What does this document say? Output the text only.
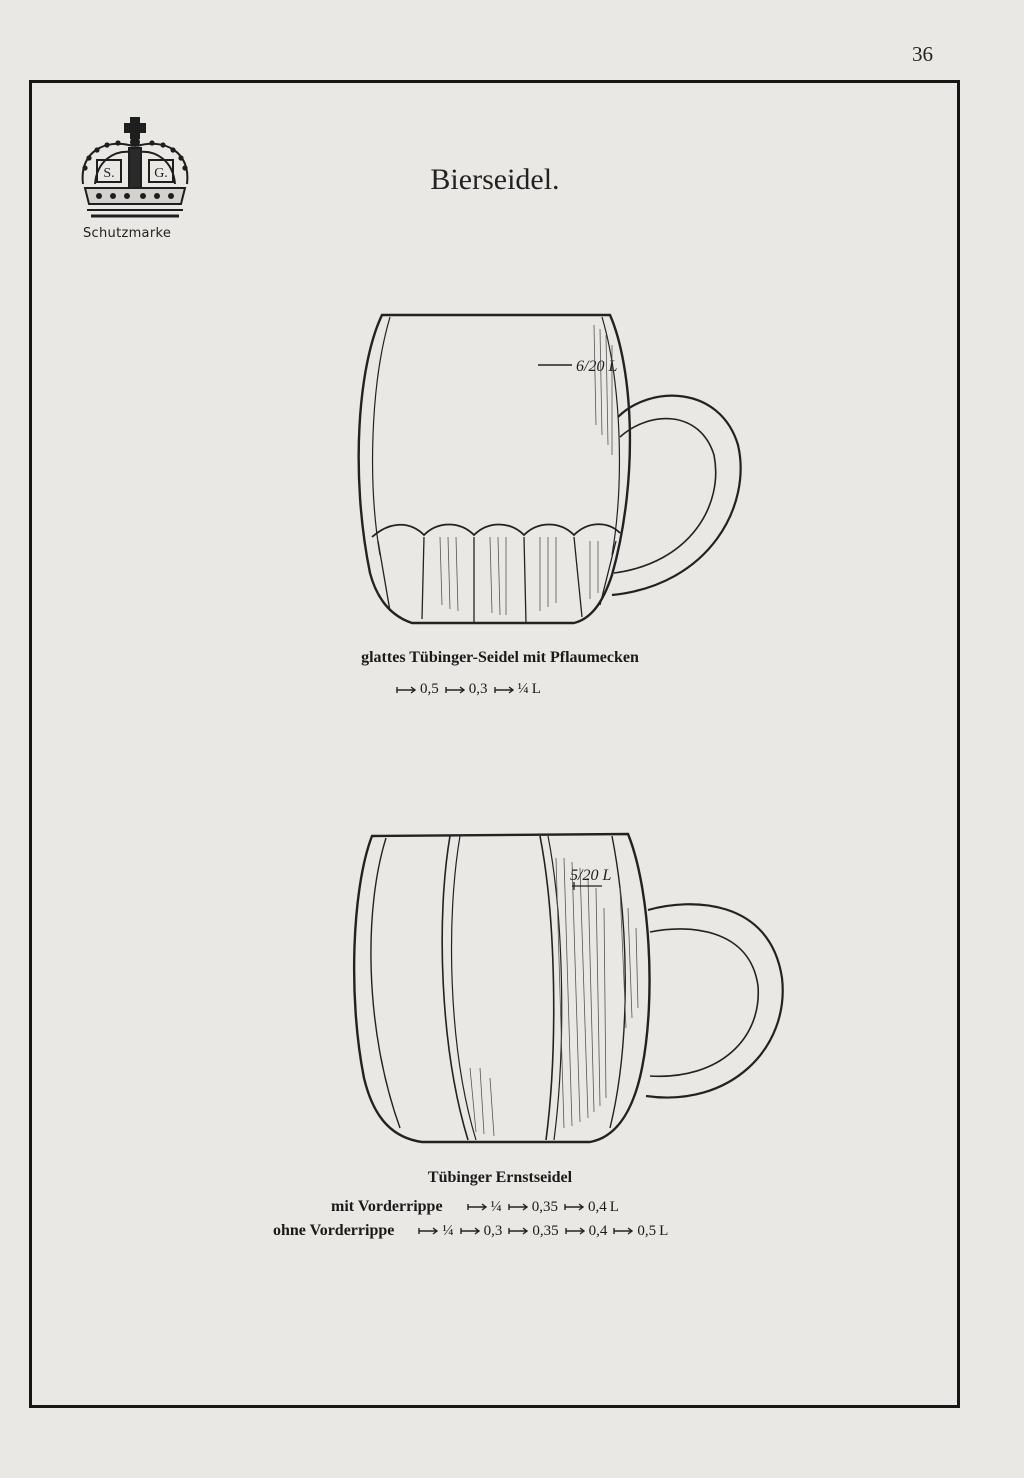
36
S.	G.
Schutzmarke
Bierseidel.
6/20 L
glattes Tübinger-Seidel mit Pflaumecken
0,5 0,3 ¼ L
5/20 L
Tübinger Ernstseidel
mit Vorderrippe	¼ 0,35 0,4 L
ohne Vorderrippe	¼ 0,3 0,35 0,4 0,5 L
